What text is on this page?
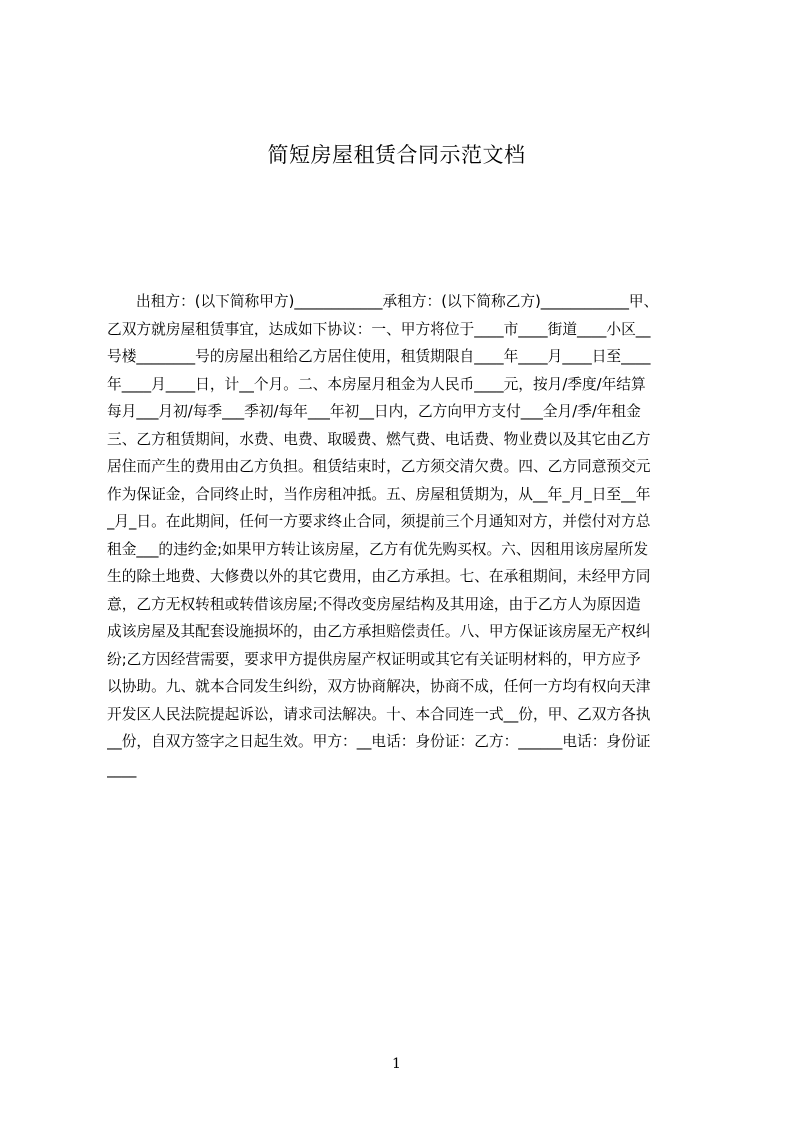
简短房屋租赁合同示范文档
出租方：(以下简称甲方)____________承租方：(以下简称乙方)____________甲、
乙双方就房屋租赁事宜，达成如下协议：一、甲方将位于____市____街道____小区__
号楼________号的房屋出租给乙方居住使用，租赁期限自____年____月____日至____
年____月____日，计__个月。二、本房屋月租金为人民币____元，按月/季度/年结算
每月___月初/每季___季初/每年___年初__日内，乙方向甲方支付___全月/季/年租金
三、乙方租赁期间，水费、电费、取暖费、燃气费、电话费、物业费以及其它由乙方
居住而产生的费用由乙方负担。租赁结束时，乙方须交清欠费。四、乙方同意预交元
作为保证金，合同终止时，当作房租冲抵。五、房屋租赁期为，从__年_月_日至__年
_月_日。在此期间，任何一方要求终止合同，须提前三个月通知对方，并偿付对方总
租金___的违约金;如果甲方转让该房屋，乙方有优先购买权。六、因租用该房屋所发
生的除土地费、大修费以外的其它费用，由乙方承担。七、在承租期间，未经甲方同
意，乙方无权转租或转借该房屋;不得改变房屋结构及其用途，由于乙方人为原因造
成该房屋及其配套设施损坏的，由乙方承担赔偿责任。八、甲方保证该房屋无产权纠
纷;乙方因经营需要，要求甲方提供房屋产权证明或其它有关证明材料的，甲方应予
以协助。九、就本合同发生纠纷，双方协商解决，协商不成，任何一方均有权向天津
开发区人民法院提起诉讼，请求司法解决。十、本合同连一式__份，甲、乙双方各执
__份，自双方签字之日起生效。甲方：__电话：身份证：乙方：______电话：身份证
____
1
